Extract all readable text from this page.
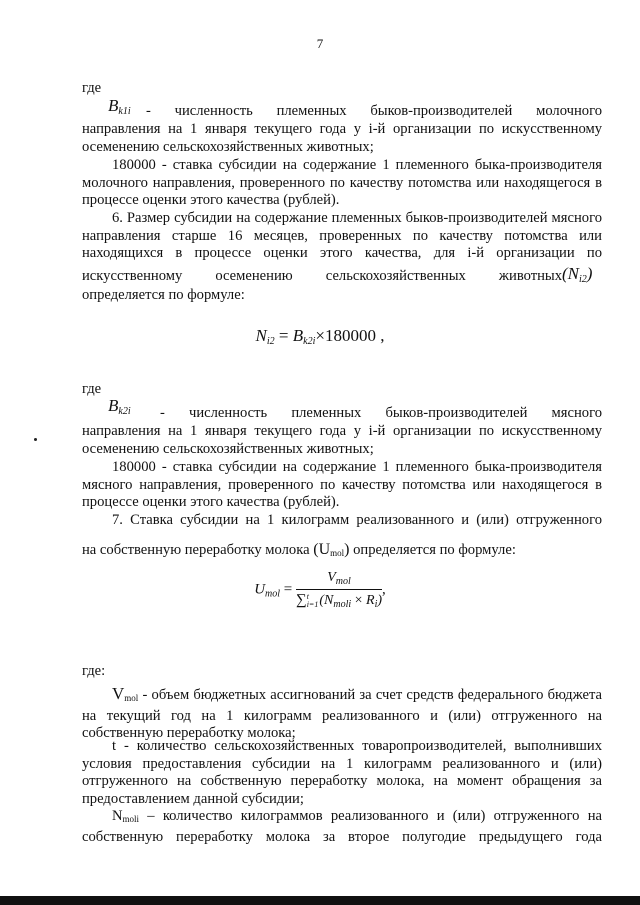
7
где
$B_{k1i}$ - численность племенных быков-производителей молочного
направления на 1 января текущего года у i-й организации по искусственному осеменению сельскохозяйственных животных;
180000 - ставка субсидии на содержание 1 племенного быка-производителя молочного направления, проверенного по качеству потомства или находящегося в процессе оценки этого качества (рублей).
6. Размер субсидии на содержание племенных быков-производителей мясного направления старше 16 месяцев, проверенных по качеству потомства или находящихся в процессе оценки этого качества, для i-й организации по
искусственному осеменению сельскохозяйственных животных $(N_{i2})$
определяется по формуле:
$N_{i2} = B_{k2i}\times 180000$ ,
где
$B_{k2i}$ - численность племенных быков-производителей мясного
направления на 1 января текущего года у i-й организации по искусственному осеменению сельскохозяйственных животных;
180000 - ставка субсидии на содержание 1 племенного быка-производителя мясного направления, проверенного по качеству потомства или находящегося в процессе оценки этого качества (рублей).
7. Ставка субсидии на 1 килограмм реализованного и (или) отгруженного
на собственную переработку молока $(U_{mol})$ определяется по формуле:
$U_{mol}$ =
$V_{mol}$
∑t
$i=1(N_{moli} \times R_i)$
,
где:
$V_{mol}$ - объем бюджетных ассигнований за счет средств федерального бюджета на текущий год на 1 килограмм реализованного и (или) отгруженного на собственную переработку молока;
t - количество сельскохозяйственных товаропроизводителей, выполнивших условия предоставления субсидии на 1 килограмм реализованного и (или) отгруженного на собственную переработку молока, на момент обращения за предоставлением данной субсидии;
$N_{moli}$ – количество килограммов реализованного и (или) отгруженного на собственную переработку молока за второе полугодие предыдущего года
